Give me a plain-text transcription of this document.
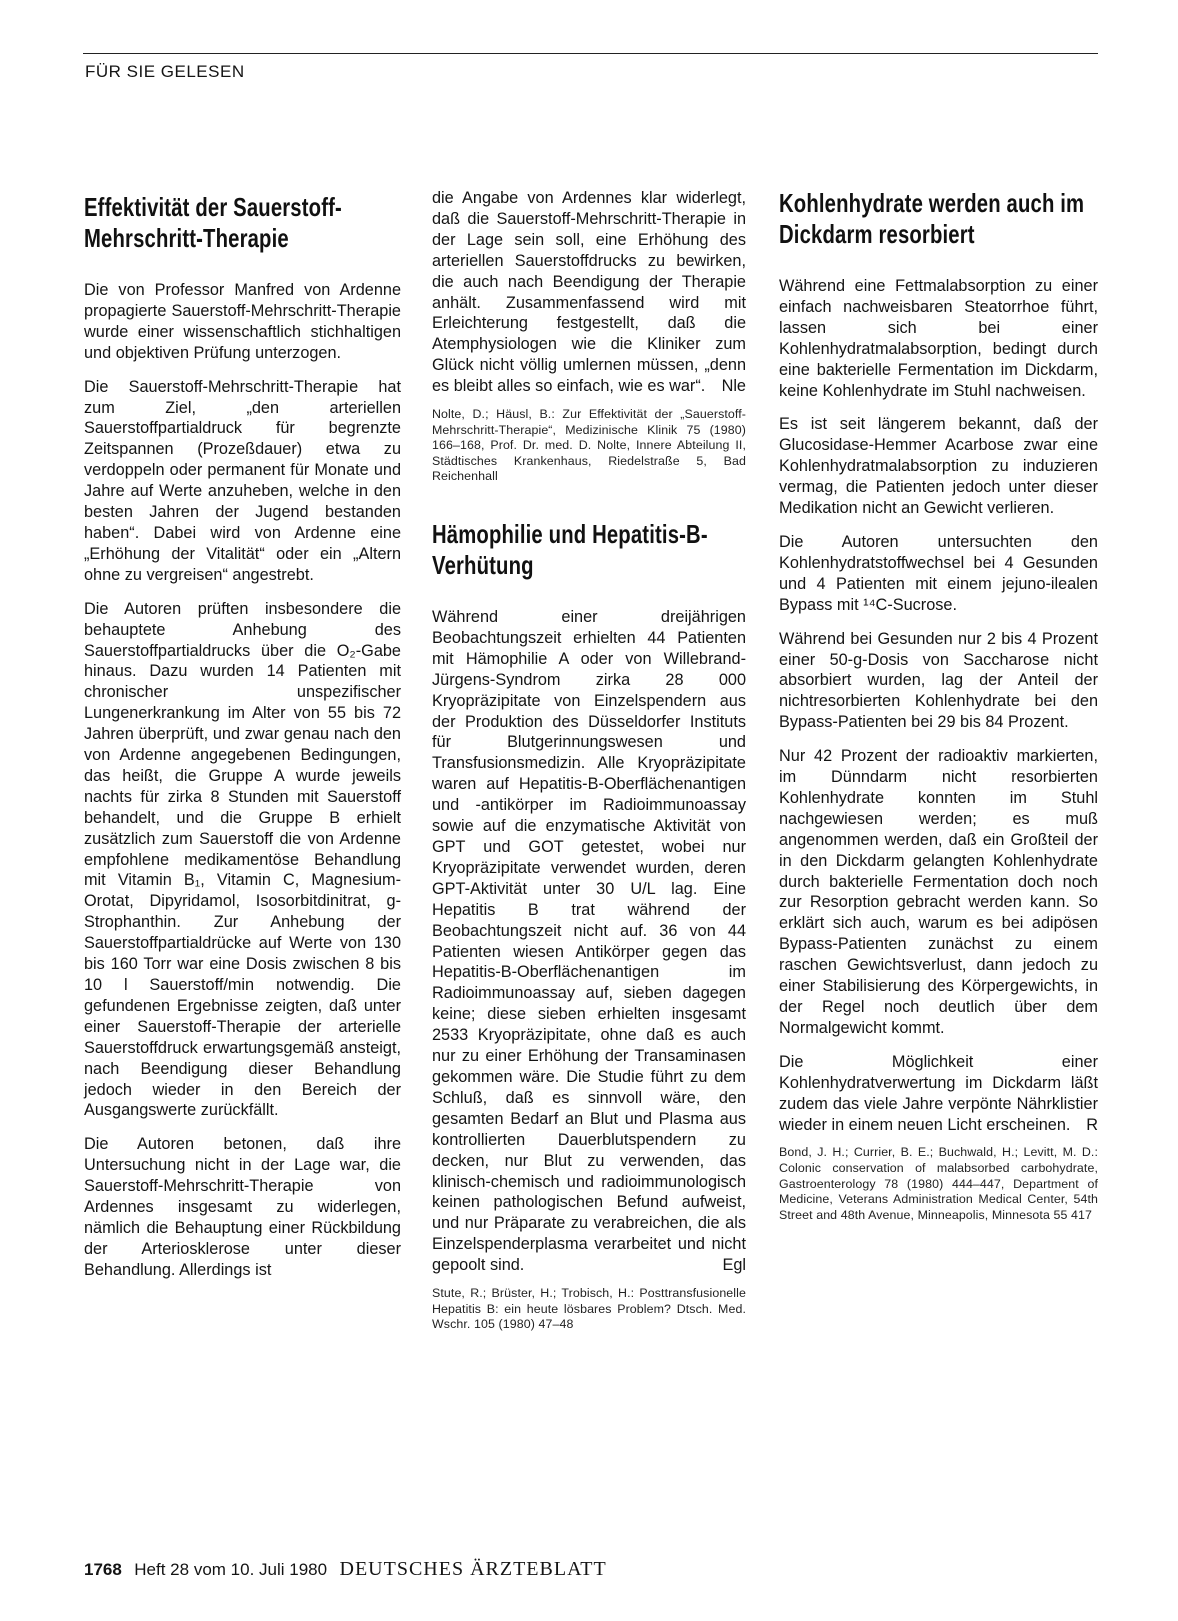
FÜR SIE GELESEN
Effektivität der Sauerstoff-Mehrschritt-Therapie

Die von Professor Manfred von Ardenne propagierte Sauerstoff-Mehrschritt-Therapie wurde einer wissenschaftlich stichhaltigen und objektiven Prüfung unterzogen.

Die Sauerstoff-Mehrschritt-Therapie hat zum Ziel, „den arteriellen Sauerstoffpartialdruck für begrenzte Zeitspannen (Prozeßdauer) etwa zu verdoppeln oder permanent für Monate und Jahre auf Werte anzuheben, welche in den besten Jahren der Jugend bestanden haben“. Dabei wird von Ardenne eine „Erhöhung der Vitalität“ oder ein „Altern ohne zu vergreisen“ angestrebt.

Die Autoren prüften insbesondere die behauptete Anhebung des Sauerstoffpartialdrucks über die O₂-Gabe hinaus. Dazu wurden 14 Patienten mit chronischer unspezifischer Lungenerkrankung im Alter von 55 bis 72 Jahren überprüft, und zwar genau nach den von Ardenne angegebenen Bedingungen, das heißt, die Gruppe A wurde jeweils nachts für zirka 8 Stunden mit Sauerstoff behandelt, und die Gruppe B erhielt zusätzlich zum Sauerstoff die von Ardenne empfohlene medikamentöse Behandlung mit Vitamin B₁, Vitamin C, Magnesium-Orotat, Dipyridamol, Isosorbitdinitrat, g-Strophanthin. Zur Anhebung der Sauerstoffpartialdrücke auf Werte von 130 bis 160 Torr war eine Dosis zwischen 8 bis 10 l Sauerstoff/min notwendig. Die gefundenen Ergebnisse zeigten, daß unter einer Sauerstoff-Therapie der arterielle Sauerstoffdruck erwartungsgemäß ansteigt, nach Beendigung dieser Behandlung jedoch wieder in den Bereich der Ausgangswerte zurückfällt.

Die Autoren betonen, daß ihre Untersuchung nicht in der Lage war, die Sauerstoff-Mehrschritt-Therapie von Ardennes insgesamt zu widerlegen, nämlich die Behauptung einer Rückbildung der Arteriosklerose unter dieser Behandlung. Allerdings ist

die Angabe von Ardennes klar widerlegt, daß die Sauerstoff-Mehrschritt-Therapie in der Lage sein soll, eine Erhöhung des arteriellen Sauerstoffdrucks zu bewirken, die auch nach Beendigung der Therapie anhält. Zusammenfassend wird mit Erleichterung festgestellt, daß die Atemphysiologen wie die Kliniker zum Glück nicht völlig umlernen müssen, „denn es bleibt alles so einfach, wie es war“. Nle

Nolte, D.; Häusl, B.: Zur Effektivität der „Sauerstoff-Mehrschritt-Therapie“, Medizinische Klinik 75 (1980) 166–168, Prof. Dr. med. D. Nolte, Innere Abteilung II, Städtisches Krankenhaus, Riedelstraße 5, Bad Reichenhall
Hämophilie und Hepatitis-B-Verhütung

Während einer dreijährigen Beobachtungszeit erhielten 44 Patienten mit Hämophilie A oder von Willebrand-Jürgens-Syndrom zirka 28 000 Kryopräzipitate von Einzelspendern aus der Produktion des Düsseldorfer Instituts für Blutgerinnungswesen und Transfusionsmedizin. Alle Kryopräzipitate waren auf Hepatitis-B-Oberflächenantigen und -antikörper im Radioimmunoassay sowie auf die enzymatische Aktivität von GPT und GOT getestet, wobei nur Kryopräzipitate verwendet wurden, deren GPT-Aktivität unter 30 U/L lag. Eine Hepatitis B trat während der Beobachtungszeit nicht auf. 36 von 44 Patienten wiesen Antikörper gegen das Hepatitis-B-Oberflächenantigen im Radioimmunoassay auf, sieben dagegen keine; diese sieben erhielten insgesamt 2533 Kryopräzipitate, ohne daß es auch nur zu einer Erhöhung der Transaminasen gekommen wäre. Die Studie führt zu dem Schluß, daß es sinnvoll wäre, den gesamten Bedarf an Blut und Plasma aus kontrollierten Dauerblutspendern zu decken, nur Blut zu verwenden, das klinisch-chemisch und radioimmunologisch keinen pathologischen Befund aufweist, und nur Präparate zu verabreichen, die als Einzelspenderplasma verarbeitet und nicht gepoolt sind.	Egl

Stute, R.; Brüster, H.; Trobisch, H.: Posttransfusionelle Hepatitis B: ein heute lösbares Problem? Dtsch. Med. Wschr. 105 (1980) 47–48
Kohlenhydrate werden auch im Dickdarm resorbiert

Während eine Fettmalabsorption zu einer einfach nachweisbaren Steatorrhoe führt, lassen sich bei einer Kohlenhydratmalabsorption, bedingt durch eine bakterielle Fermentation im Dickdarm, keine Kohlenhydrate im Stuhl nachweisen.

Es ist seit längerem bekannt, daß der Glucosidase-Hemmer Acarbose zwar eine Kohlenhydratmalabsorption zu induzieren vermag, die Patienten jedoch unter dieser Medikation nicht an Gewicht verlieren.

Die Autoren untersuchten den Kohlenhydratstoffwechsel bei 4 Gesunden und 4 Patienten mit einem jejuno-ilealen Bypass mit ¹⁴C-Sucrose.

Während bei Gesunden nur 2 bis 4 Prozent einer 50-g-Dosis von Saccharose nicht absorbiert wurden, lag der Anteil der nichtresorbierten Kohlenhydrate bei den Bypass-Patienten bei 29 bis 84 Prozent.

Nur 42 Prozent der radioaktiv markierten, im Dünndarm nicht resorbierten Kohlenhydrate konnten im Stuhl nachgewiesen werden; es muß angenommen werden, daß ein Großteil der in den Dickdarm gelangten Kohlenhydrate durch bakterielle Fermentation doch noch zur Resorption gebracht werden kann. So erklärt sich auch, warum es bei adipösen Bypass-Patienten zunächst zu einem raschen Gewichtsverlust, dann jedoch zu einer Stabilisierung des Körpergewichts, in der Regel noch deutlich über dem Normalgewicht kommt.

Die Möglichkeit einer Kohlenhydratverwertung im Dickdarm läßt zudem das viele Jahre verpönte Nährklistier wieder in einem neuen Licht erscheinen. R

Bond, J. H.; Currier, B. E.; Buchwald, H.; Levitt, M. D.: Colonic conservation of malabsorbed carbohydrate, Gastroenterology 78 (1980) 444–447, Department of Medicine, Veterans Administration Medical Center, 54th Street and 48th Avenue, Minneapolis, Minnesota 55 417
1768 Heft 28 vom 10. Juli 1980 DEUTSCHES ÄRZTEBLATT
